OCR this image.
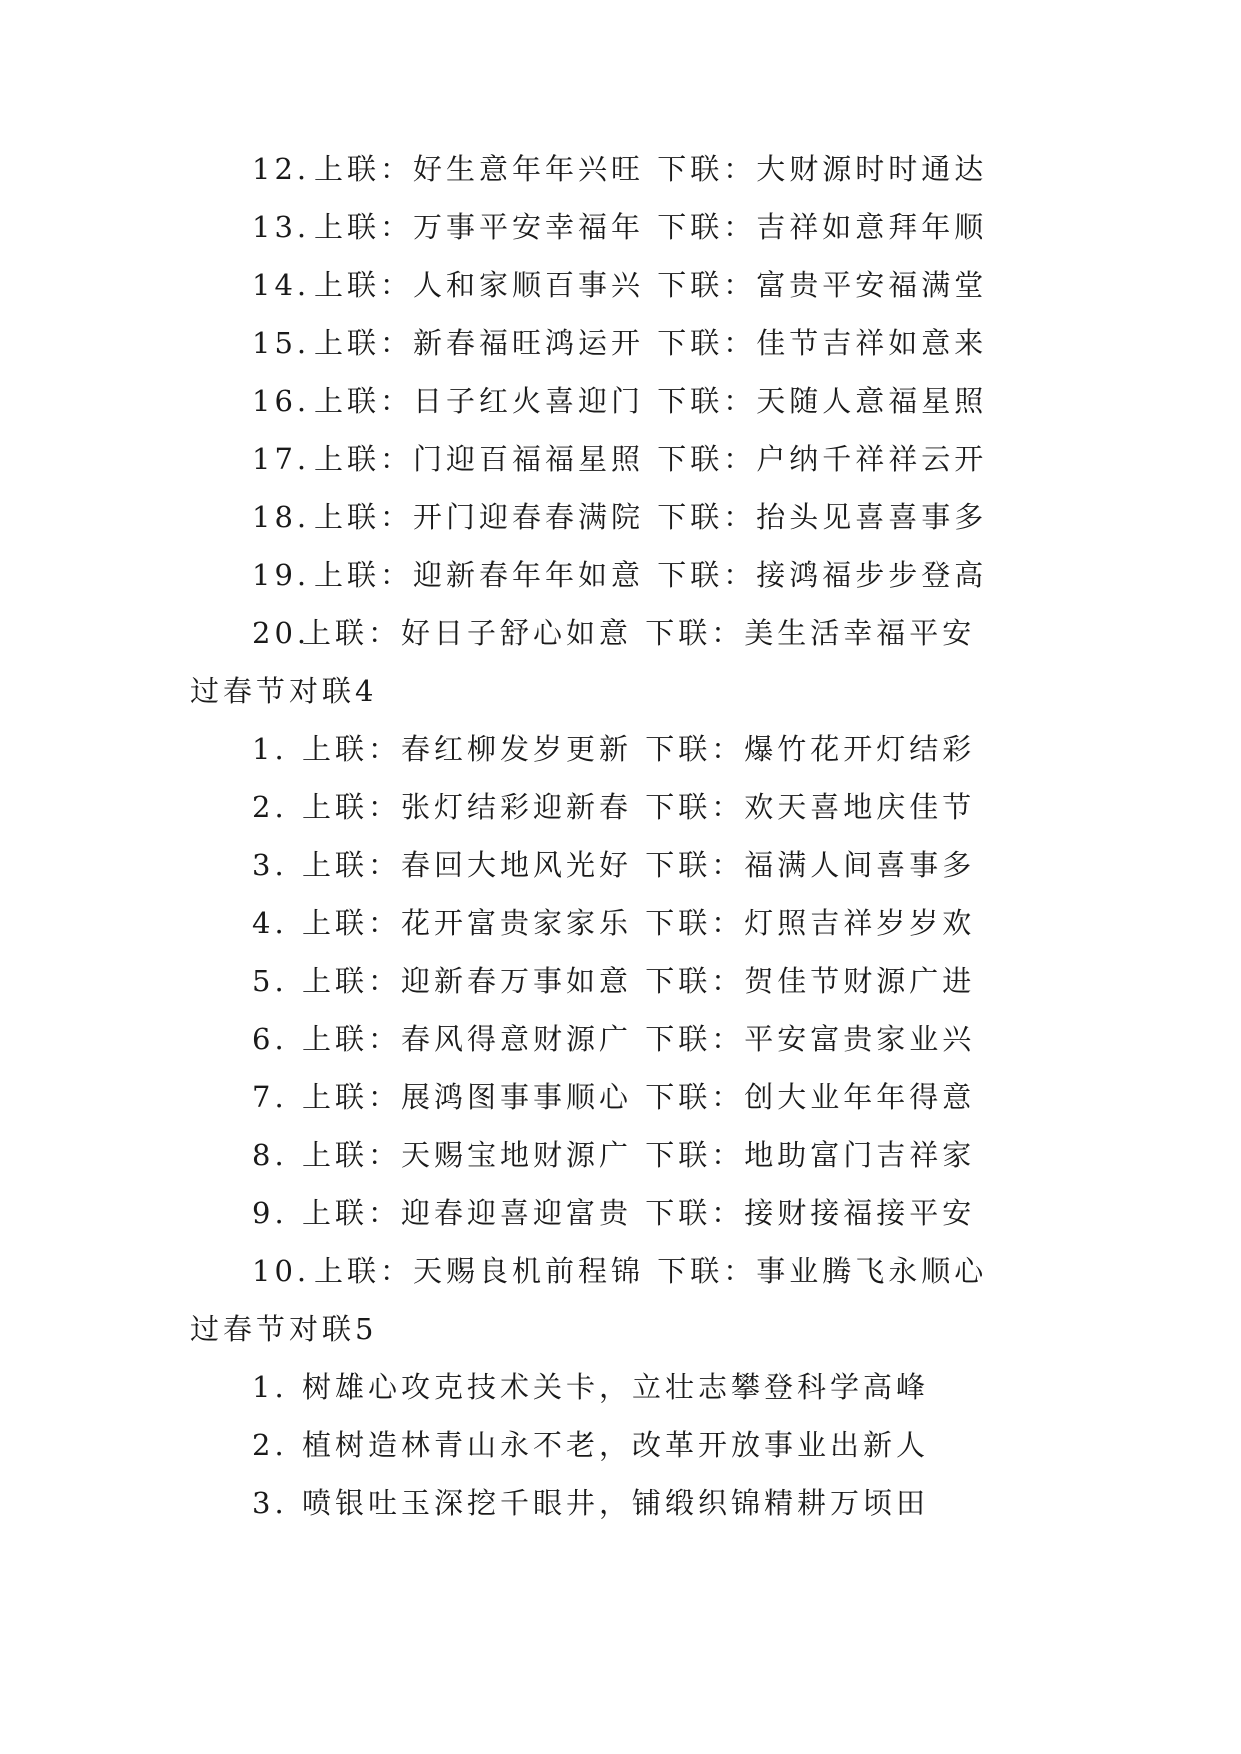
12. 上联：好生意年年兴旺 下联：大财源时时通达
13. 上联：万事平安幸福年 下联：吉祥如意拜年顺
14. 上联：人和家顺百事兴 下联：富贵平安福满堂
15. 上联：新春福旺鸿运开 下联：佳节吉祥如意来
16. 上联：日子红火喜迎门 下联：天随人意福星照
17. 上联：门迎百福福星照 下联：户纳千祥祥云开
18. 上联：开门迎春春满院 下联：抬头见喜喜事多
19. 上联：迎新春年年如意 下联：接鸿福步步登高
20.上联：好日子舒心如意 下联：美生活幸福平安
过春节对联4
1. 上联：春红柳发岁更新 下联：爆竹花开灯结彩
2. 上联：张灯结彩迎新春 下联：欢天喜地庆佳节
3. 上联：春回大地风光好 下联：福满人间喜事多
4. 上联：花开富贵家家乐 下联：灯照吉祥岁岁欢
5. 上联：迎新春万事如意 下联：贺佳节财源广进
6. 上联：春风得意财源广 下联：平安富贵家业兴
7. 上联：展鸿图事事顺心 下联：创大业年年得意
8. 上联：天赐宝地财源广 下联：地助富门吉祥家
9. 上联：迎春迎喜迎富贵 下联：接财接福接平安
10. 上联：天赐良机前程锦 下联：事业腾飞永顺心
过春节对联5
1. 树雄心攻克技术关卡，立壮志攀登科学高峰
2. 植树造林青山永不老，改革开放事业出新人
3. 喷银吐玉深挖千眼井，铺缎织锦精耕万顷田
